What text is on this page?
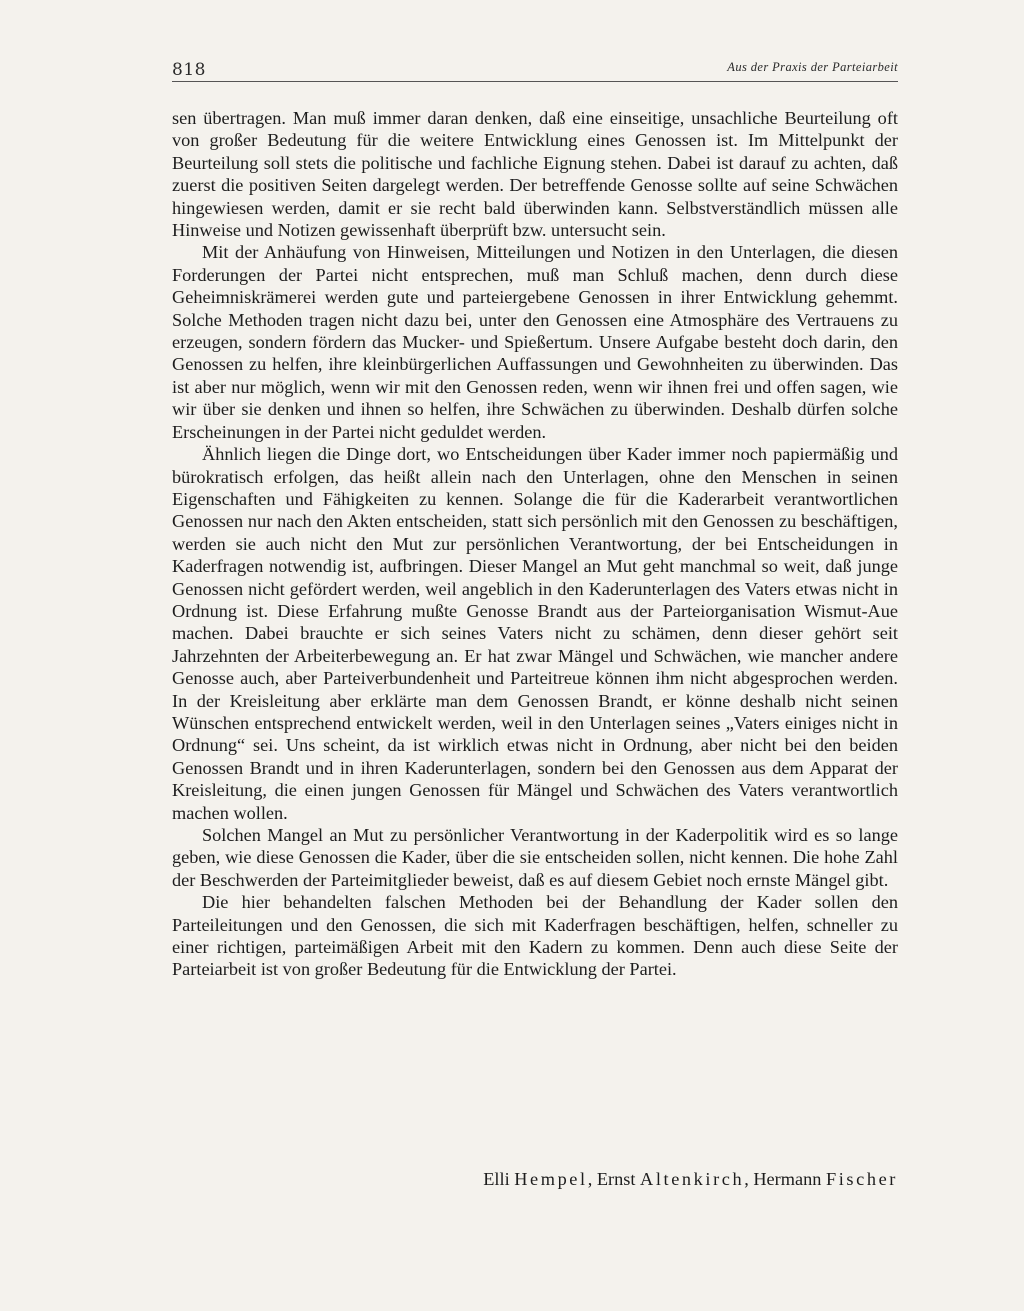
818	Aus der Praxis der Parteiarbeit

sen übertragen. Man muß immer daran denken, daß eine einseitige, unsachliche Beurteilung oft von großer Bedeutung für die weitere Entwicklung eines Genossen ist. Im Mittelpunkt der Beurteilung soll stets die politische und fachliche Eignung stehen. Dabei ist darauf zu achten, daß zuerst die positiven Seiten dargelegt werden. Der betreffende Genosse sollte auf seine Schwächen hingewiesen werden, damit er sie recht bald überwinden kann. Selbstverständlich müssen alle Hinweise und Notizen gewissenhaft überprüft bzw. untersucht sein.

Mit der Anhäufung von Hinweisen, Mitteilungen und Notizen in den Unterlagen, die diesen Forderungen der Partei nicht entsprechen, muß man Schluß machen, denn durch diese Geheimniskrämerei werden gute und parteiergebene Genossen in ihrer Entwicklung gehemmt. Solche Methoden tragen nicht dazu bei, unter den Genossen eine Atmosphäre des Vertrauens zu erzeugen, sondern fördern das Mucker- und Spießertum. Unsere Aufgabe besteht doch darin, den Genossen zu helfen, ihre kleinbürgerlichen Auffassungen und Gewohnheiten zu überwinden. Das ist aber nur möglich, wenn wir mit den Genossen reden, wenn wir ihnen frei und offen sagen, wie wir über sie denken und ihnen so helfen, ihre Schwächen zu überwinden. Deshalb dürfen solche Erscheinungen in der Partei nicht geduldet werden.

Ähnlich liegen die Dinge dort, wo Entscheidungen über Kader immer noch papiermäßig und bürokratisch erfolgen, das heißt allein nach den Unterlagen, ohne den Menschen in seinen Eigenschaften und Fähigkeiten zu kennen. Solange die für die Kaderarbeit verantwortlichen Genossen nur nach den Akten entscheiden, statt sich persönlich mit den Genossen zu beschäftigen, werden sie auch nicht den Mut zur persönlichen Verantwortung, der bei Entscheidungen in Kaderfragen notwendig ist, aufbringen. Dieser Mangel an Mut geht manchmal so weit, daß junge Genossen nicht gefördert werden, weil angeblich in den Kaderunterlagen des Vaters etwas nicht in Ordnung ist. Diese Erfahrung mußte Genosse Brandt aus der Parteiorganisation Wismut-Aue machen. Dabei brauchte er sich seines Vaters nicht zu schämen, denn dieser gehört seit Jahrzehnten der Arbeiterbewegung an. Er hat zwar Mängel und Schwächen, wie mancher andere Genosse auch, aber Parteiverbundenheit und Parteitreue können ihm nicht abgesprochen werden. In der Kreisleitung aber erklärte man dem Genossen Brandt, er könne deshalb nicht seinen Wünschen entsprechend entwickelt werden, weil in den Unterlagen seines „Vaters einiges nicht in Ordnung“ sei. Uns scheint, da ist wirklich etwas nicht in Ordnung, aber nicht bei den beiden Genossen Brandt und in ihren Kaderunterlagen, sondern bei den Genossen aus dem Apparat der Kreisleitung, die einen jungen Genossen für Mängel und Schwächen des Vaters verantwortlich machen wollen.

Solchen Mangel an Mut zu persönlicher Verantwortung in der Kaderpolitik wird es so lange geben, wie diese Genossen die Kader, über die sie entscheiden sollen, nicht kennen. Die hohe Zahl der Beschwerden der Parteimitglieder beweist, daß es auf diesem Gebiet noch ernste Mängel gibt.

Die hier behandelten falschen Methoden bei der Behandlung der Kader sollen den Parteileitungen und den Genossen, die sich mit Kaderfragen beschäftigen, helfen, schneller zu einer richtigen, parteimäßigen Arbeit mit den Kadern zu kommen. Denn auch diese Seite der Parteiarbeit ist von großer Bedeutung für die Entwicklung der Partei.

Elli Hempel, Ernst Altenkirch, Hermann Fischer
